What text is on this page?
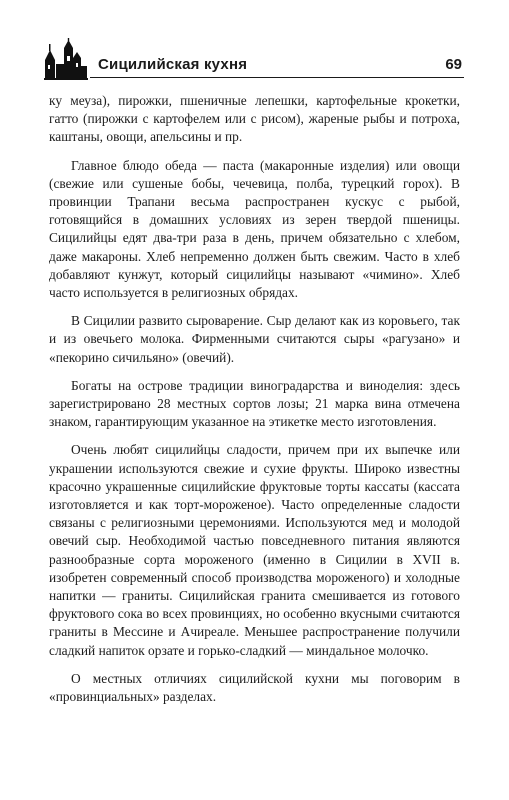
Сицилийская кухня	69

ку меуза), пирожки, пшеничные лепешки, картофельные крокетки, гатто (пирожки с картофелем или с рисом), жареные рыбы и потроха, каштаны, овощи, апельсины и пр.

Главное блюдо обеда — паста (макаронные изделия) или овощи (свежие или сушеные бобы, чечевица, полба, турецкий горох). В провинции Трапани весьма распространен кускус с рыбой, готовящийся в домашних условиях из зерен твердой пшеницы. Сицилийцы едят два-три раза в день, причем обязательно с хлебом, даже макароны. Хлеб непременно должен быть свежим. Часто в хлеб добавляют кунжут, который сицилийцы называют «чимино». Хлеб часто используется в религиозных обрядах.

В Сицилии развито сыроварение. Сыр делают как из коровьего, так и из овечьего молока. Фирменными считаются сыры «рагузано» и «пекорино сичильяно» (овечий).

Богаты на острове традиции виноградарства и виноделия: здесь зарегистрировано 28 местных сортов лозы; 21 марка вина отмечена знаком, гарантирующим указанное на этикетке место изготовления.

Очень любят сицилийцы сладости, причем при их выпечке или украшении используются свежие и сухие фрукты. Широко известны красочно украшенные сицилийские фруктовые торты кассаты (кассата изготовляется и как торт-мороженое). Часто определенные сладости связаны с религиозными церемониями. Используются мед и молодой овечий сыр. Необходимой частью повседневного питания являются разнообразные сорта мороженого (именно в Сицилии в XVII в. изобретен современный способ производства мороженого) и холодные напитки — граниты. Сицилийская гранита смешивается из готового фруктового сока во всех провинциях, но особенно вкусными считаются граниты в Мессине и Ачиреале. Меньшее распространение получили сладкий напиток орзате и горько-сладкий — миндальное молочко.

О местных отличиях сицилийской кухни мы поговорим в «провинциальных» разделах.
